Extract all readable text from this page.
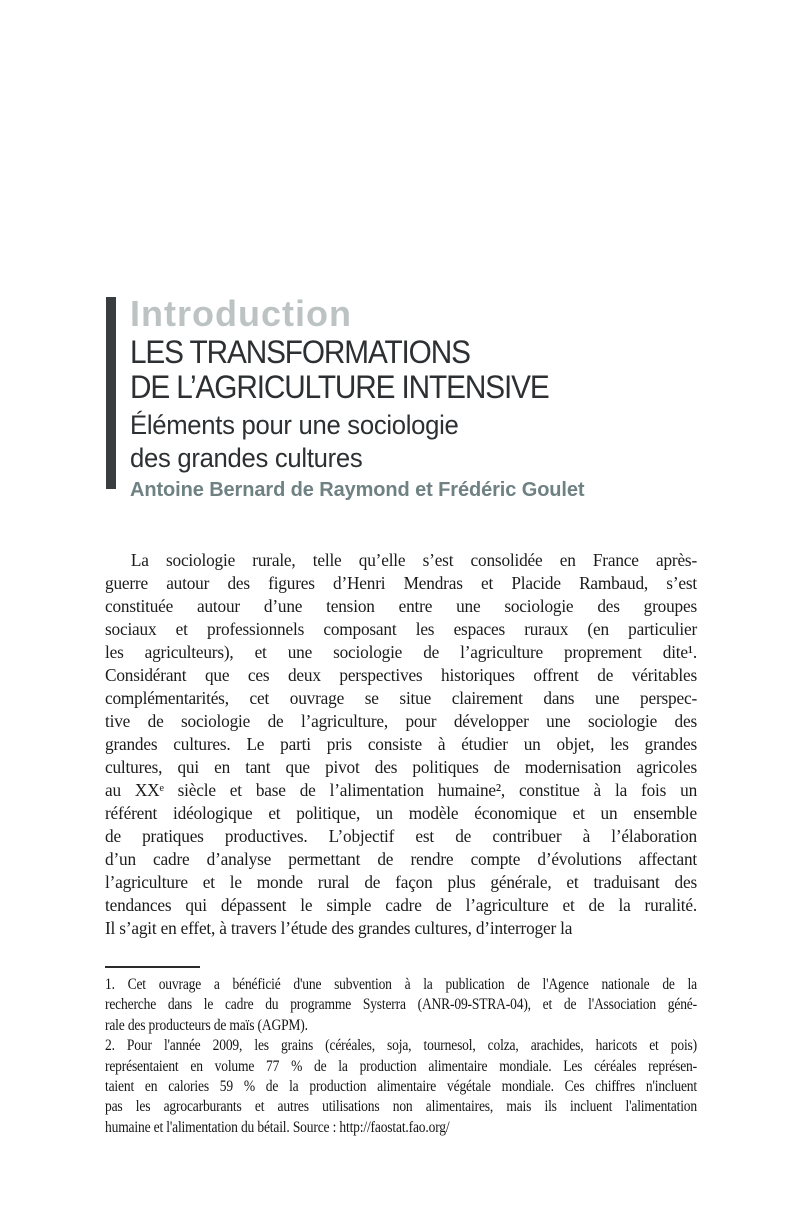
Introduction
LES TRANSFORMATIONS
DE L’AGRICULTURE INTENSIVE
Éléments pour une sociologie
des grandes cultures

Antoine Bernard de Raymond et Frédéric Goulet

La sociologie rurale, telle qu’elle s’est consolidée en France après-
guerre autour des figures d’Henri Mendras et Placide Rambaud, s’est
constituée autour d’une tension entre une sociologie des groupes
sociaux et professionnels composant les espaces ruraux (en particulier
les agriculteurs), et une sociologie de l’agriculture proprement dite¹.
Considérant que ces deux perspectives historiques offrent de véritables
complémentarités, cet ouvrage se situe clairement dans une perspec-
tive de sociologie de l’agriculture, pour développer une sociologie des
grandes cultures. Le parti pris consiste à étudier un objet, les grandes
cultures, qui en tant que pivot des politiques de modernisation agricoles
au XXᵉ siècle et base de l’alimentation humaine², constitue à la fois un
référent idéologique et politique, un modèle économique et un ensemble
de pratiques productives. L’objectif est de contribuer à l’élaboration
d’un cadre d’analyse permettant de rendre compte d’évolutions affectant
l’agriculture et le monde rural de façon plus générale, et traduisant des
tendances qui dépassent le simple cadre de l’agriculture et de la ruralité.
Il s’agit en effet, à travers l’étude des grandes cultures, d’interroger la
1. Cet ouvrage a bénéficié d'une subvention à la publication de l'Agence nationale de la
recherche dans le cadre du programme Systerra (ANR-09-STRA-04), et de l'Association géné-
rale des producteurs de maïs (AGPM).
2. Pour l'année 2009, les grains (céréales, soja, tournesol, colza, arachides, haricots et pois)
représentaient en volume 77 % de la production alimentaire mondiale. Les céréales représen-
taient en calories 59 % de la production alimentaire végétale mondiale. Ces chiffres n'incluent
pas les agrocarburants et autres utilisations non alimentaires, mais ils incluent l'alimentation
humaine et l'alimentation du bétail. Source : http://faostat.fao.org/
